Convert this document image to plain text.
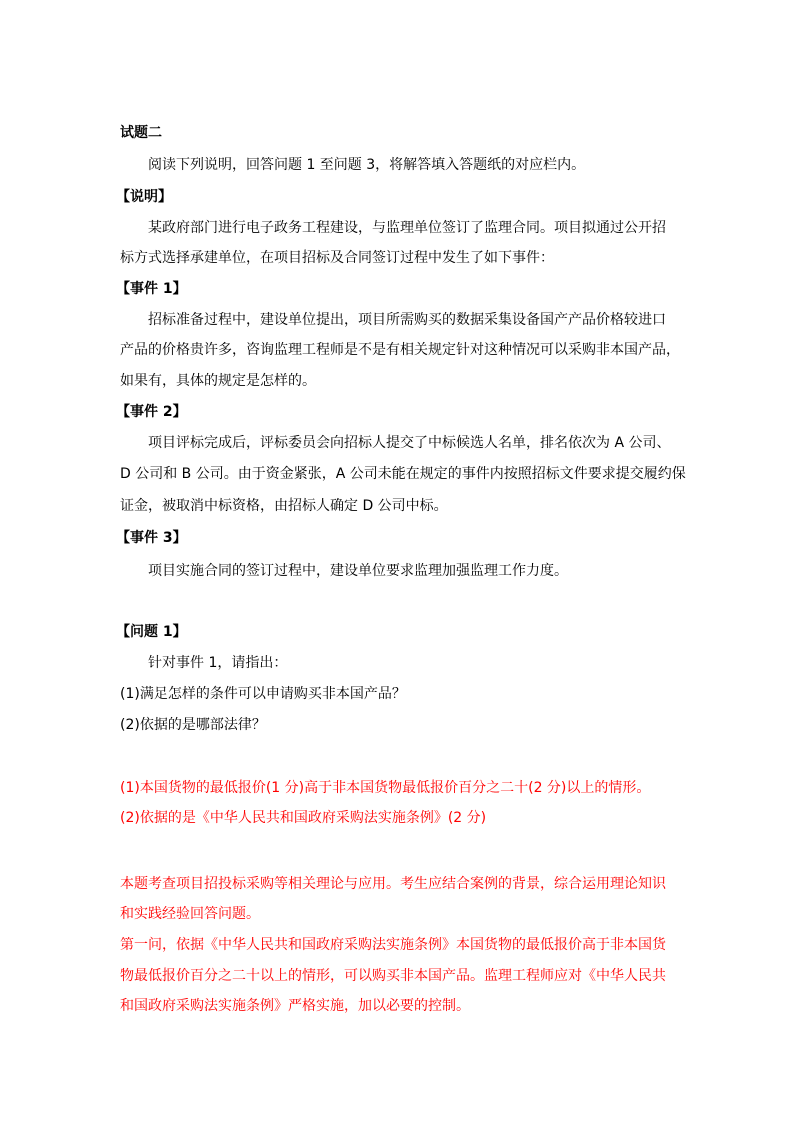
试题二
阅读下列说明，回答问题 1 至问题 3，将解答填入答题纸的对应栏内。
【说明】
某政府部门进行电子政务工程建设，与监理单位签订了监理合同。项目拟通过公开招
标方式选择承建单位，在项目招标及合同签订过程中发生了如下事件：
【事件 1】
招标准备过程中，建设单位提出，项目所需购买的数据采集设备国产产品价格较进口
产品的价格贵许多，咨询监理工程师是不是有相关规定针对这种情况可以采购非本国产品，
如果有，具体的规定是怎样的。
【事件 2】
项目评标完成后，评标委员会向招标人提交了中标候选人名单，排名依次为 A 公司、
D 公司和 B 公司。由于资金紧张，A 公司未能在规定的事件内按照招标文件要求提交履约保
证金，被取消中标资格，由招标人确定 D 公司中标。
【事件 3】
项目实施合同的签订过程中，建设单位要求监理加强监理工作力度。
【问题 1】
针对事件 1，请指出：
(1)满足怎样的条件可以申请购买非本国产品？
(2)依据的是哪部法律？
(1)本国货物的最低报价(1 分)高于非本国货物最低报价百分之二十(2 分)以上的情形。
(2)依据的是《中华人民共和国政府采购法实施条例》(2 分)
本题考查项目招投标采购等相关理论与应用。考生应结合案例的背景，综合运用理论知识
和实践经验回答问题。
第一问，依据《中华人民共和国政府采购法实施条例》本国货物的最低报价高于非本国货
物最低报价百分之二十以上的情形，可以购买非本国产品。监理工程师应对《中华人民共
和国政府采购法实施条例》严格实施，加以必要的控制。
